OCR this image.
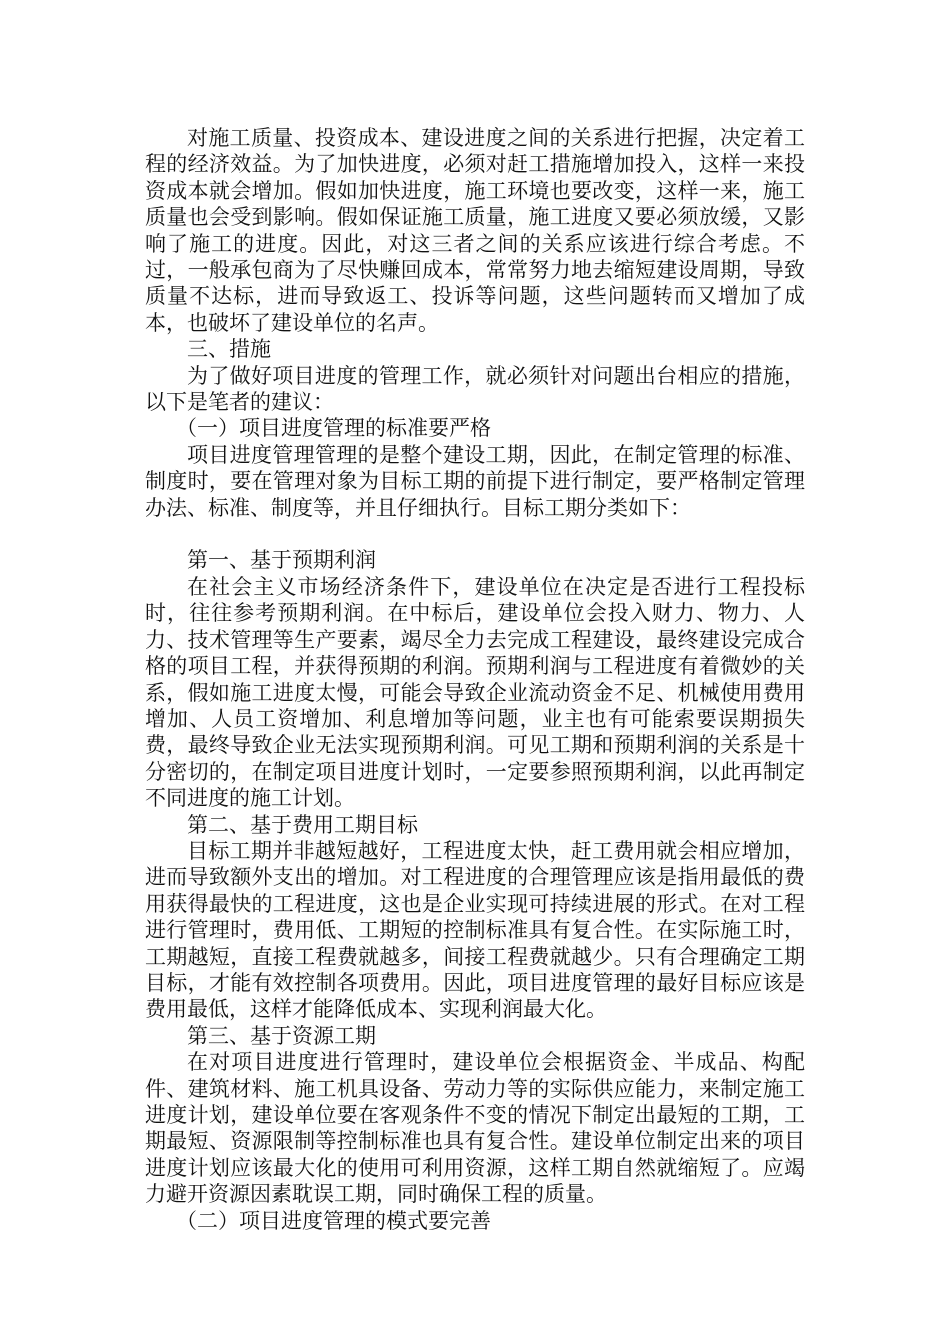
对施工质量、投资成本、建设进度之间的关系进行把握，决定着工程的经济效益。为了加快进度，必须对赶工措施增加投入，这样一来投资成本就会增加。假如加快进度，施工环境也要改变，这样一来，施工质量也会受到影响。假如保证施工质量，施工进度又要必须放缓，又影响了施工的进度。因此，对这三者之间的关系应该进行综合考虑。不过，一般承包商为了尽快赚回成本，常常努力地去缩短建设周期，导致质量不达标，进而导致返工、投诉等问题，这些问题转而又增加了成本，也破坏了建设单位的名声。

三、措施

为了做好项目进度的管理工作，就必须针对问题出台相应的措施，以下是笔者的建议：

（一）项目进度管理的标准要严格

项目进度管理管理的是整个建设工期，因此，在制定管理的标准、制度时，要在管理对象为目标工期的前提下进行制定，要严格制定管理办法、标准、制度等，并且仔细执行。目标工期分类如下：

第一、基于预期利润

在社会主义市场经济条件下，建设单位在决定是否进行工程投标时，往往参考预期利润。在中标后，建设单位会投入财力、物力、人力、技术管理等生产要素，竭尽全力去完成工程建设，最终建设完成合格的项目工程，并获得预期的利润。预期利润与工程进度有着微妙的关系，假如施工进度太慢，可能会导致企业流动资金不足、机械使用费用增加、人员工资增加、利息增加等问题，业主也有可能索要误期损失费，最终导致企业无法实现预期利润。可见工期和预期利润的关系是十分密切的，在制定项目进度计划时，一定要参照预期利润，以此再制定不同进度的施工计划。

第二、基于费用工期目标

目标工期并非越短越好，工程进度太快，赶工费用就会相应增加，进而导致额外支出的增加。对工程进度的合理管理应该是指用最低的费用获得最快的工程进度，这也是企业实现可持续进展的形式。在对工程进行管理时，费用低、工期短的控制标准具有复合性。在实际施工时，工期越短，直接工程费就越多，间接工程费就越少。只有合理确定工期目标，才能有效控制各项费用。因此，项目进度管理的最好目标应该是费用最低，这样才能降低成本、实现利润最大化。

第三、基于资源工期

在对项目进度进行管理时，建设单位会根据资金、半成品、构配件、建筑材料、施工机具设备、劳动力等的实际供应能力，来制定施工进度计划，建设单位要在客观条件不变的情况下制定出最短的工期，工期最短、资源限制等控制标准也具有复合性。建设单位制定出来的项目进度计划应该最大化的使用可利用资源，这样工期自然就缩短了。应竭力避开资源因素耽误工期，同时确保工程的质量。

（二）项目进度管理的模式要完善
